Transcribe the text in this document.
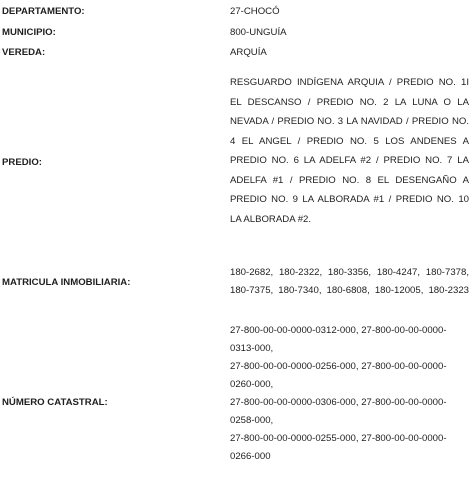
DEPARTAMENTO:	27-CHOCÓ
MUNICIPIO:	800-UNGUÍA
VEREDA:	ARQUÍA
PREDIO:
RESGUARDO INDÍGENA ARQUIA / PREDIO NO. 1I
EL DESCANSO / PREDIO NO. 2 LA LUNA O LA
NEVADA / PREDIO NO. 3 LA NAVIDAD / PREDIO NO.
4 EL ANGEL / PREDIO NO. 5 LOS ANDENES A
PREDIO NO. 6 LA ADELFA #2 / PREDIO NO. 7 LA
ADELFA #1 / PREDIO NO. 8 EL DESENGAÑO A
PREDIO NO. 9 LA ALBORADA #1 / PREDIO NO. 10
LA ALBORADA #2.
MATRICULA INMOBILIARIA:
180-2682, 180-2322, 180-3356, 180-4247, 180-7378,
180-7375, 180-7340, 180-6808, 180-12005, 180-2323
NÚMERO CATASTRAL:
27-800-00-00-0000-0312-000, 27-800-00-00-0000-
0313-000,
27-800-00-00-0000-0256-000, 27-800-00-00-0000-
0260-000,
27-800-00-00-0000-0306-000, 27-800-00-00-0000-
0258-000,
27-800-00-00-0000-0255-000, 27-800-00-00-0000-
0266-000
